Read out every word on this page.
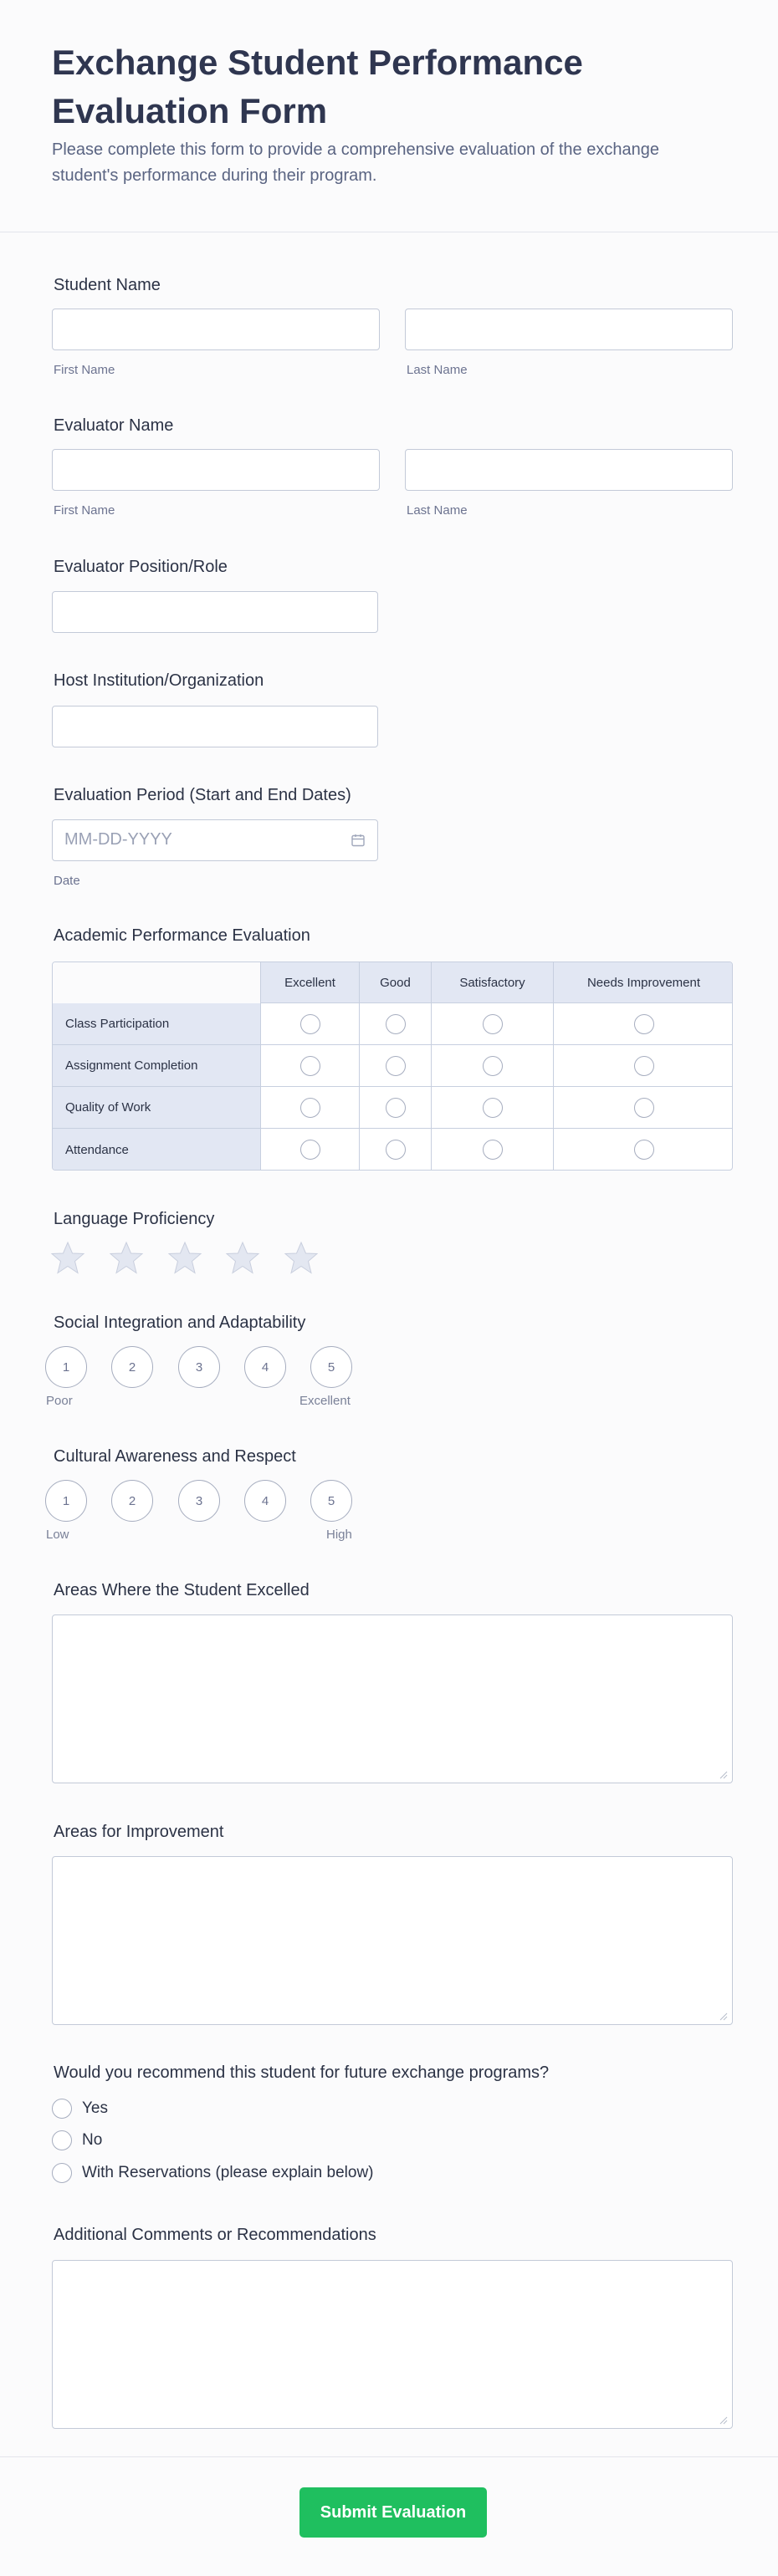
Exchange Student Performance Evaluation Form

Please complete this form to provide a comprehensive evaluation of the exchange student's performance during their program.

Student Name
First Name	Last Name
Evaluator Name
First Name	Last Name
Evaluator Position/Role
Host Institution/Organization
Evaluation Period (Start and End Dates)
MM-DD-YYYY
Date
Academic Performance Evaluation
Excellent	Good	Satisfactory	Needs Improvement
Class Participation
Assignment Completion
Quality of Work
Attendance
Language Proficiency
Social Integration and Adaptability
1	2	3	4	5
Poor	Excellent
Cultural Awareness and Respect
1	2	3	4	5
Low	High
Areas Where the Student Excelled
Areas for Improvement
Would you recommend this student for future exchange programs?
Yes
No
With Reservations (please explain below)
Additional Comments or Recommendations
Submit Evaluation
